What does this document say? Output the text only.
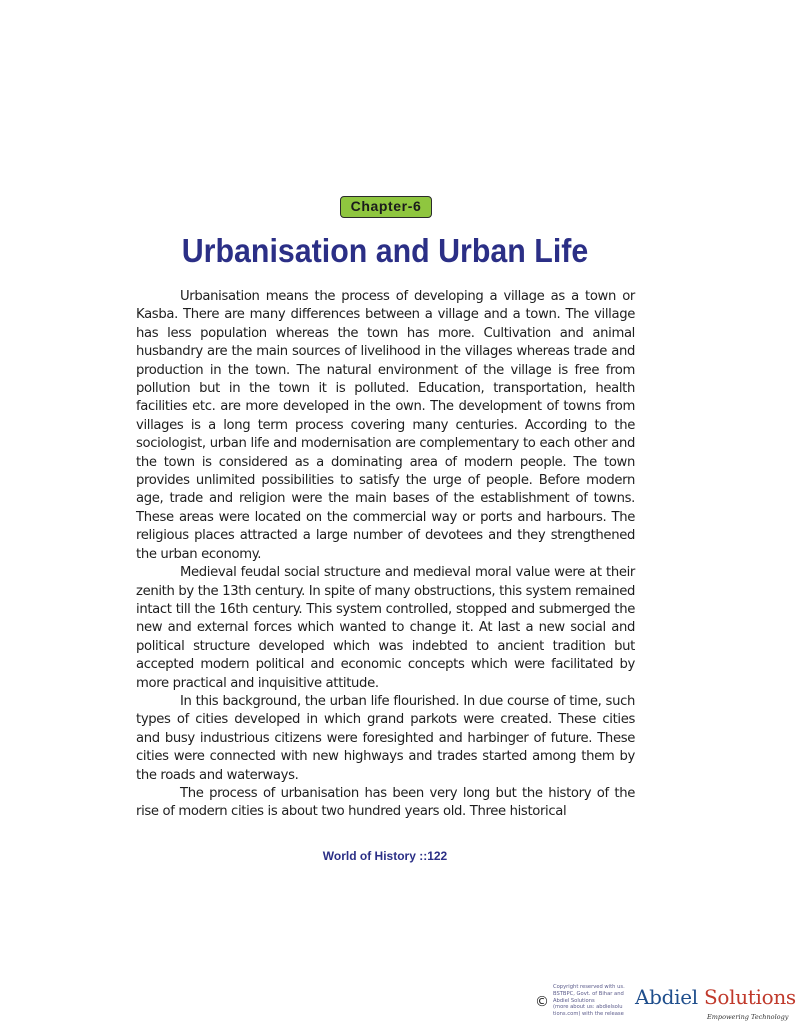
Chapter-6
Urbanisation and Urban Life

Urbanisation means the process of developing a village as a town or Kasba. There are many differences between a village and a town. The village has less population whereas the town has more. Cultivation and animal husbandry are the main sources of livelihood in the villages whereas trade and production in the town. The natural environment of the village is free from pollution but in the town it is polluted. Education, transportation, health facilities etc. are more developed in the own. The development of towns from villages is a long term process covering many centuries. According to the sociologist, urban life and modernisation are complementary to each other and the town is considered as a dominating area of modern people. The town provides unlimited possibilities to satisfy the urge of people. Before modern age, trade and religion were the main bases of the establishment of towns. These areas were located on the commercial way or ports and harbours. The religious places attracted a large number of devotees and they strengthened the urban economy.

Medieval feudal social structure and medieval moral value were at their zenith by the 13th century. In spite of many obstructions, this system remained intact till the 16th century. This system controlled, stopped and submerged the new and external forces which wanted to change it. At last a new social and political structure developed which was indebted to ancient tradition but accepted modern political and economic concepts which were facilitated by more practical and inquisitive attitude.

In this background, the urban life flourished. In due course of time, such types of cities developed in which grand parkots were created. These cities and busy industrious citizens were foresighted and harbinger of future. These cities were connected with new highways and trades started among them by the roads and waterways.

The process of urbanisation has been very long but the history of the rise of modern cities is about two hundred years old. Three historical

World of History ::122
©
Copyright reserved with us.
BSTBPC, Govt. of Bihar and
Abdiel Solutions
(more about us: abdielsolu
tions.com) with the release
Abdiel Solutions
Empowering Technology
